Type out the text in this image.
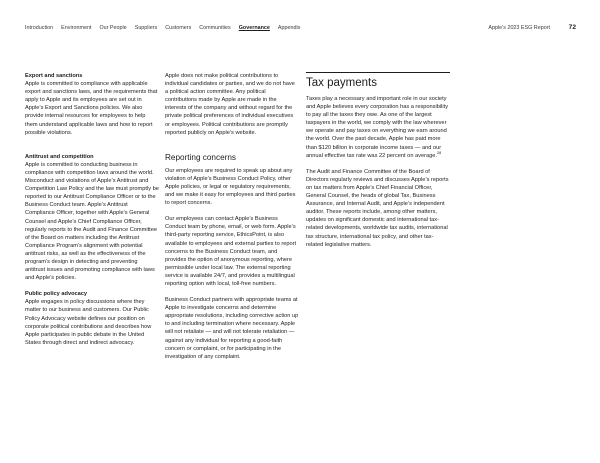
Introduction Environment Our People Suppliers Customers Communities Governance Appendix	Apple’s 2023 ESG Report	72

Export and sanctions

Apple is committed to compliance with applicable export and sanctions laws, and the requirements that apply to Apple and its employees are set out in Apple’s Export and Sanctions policies. We also provide internal resources for employees to help them understand applicable laws and how to report possible violations.

Antitrust and competition

Apple is committed to conducting business in compliance with competition laws around the world. Misconduct and violations of Apple’s Antitrust and Competition Law Policy and the law must promptly be reported to our Antitrust Compliance Officer or to the Business Conduct team. Apple’s Antitrust Compliance Officer, together with Apple’s General Counsel and Apple’s Chief Compliance Officer, regularly reports to the Audit and Finance Committee of the Board on matters including the Antitrust Compliance Program’s alignment with potential antitrust risks, as well as the effectiveness of the program’s design in detecting and preventing antitrust issues and promoting compliance with laws and Apple’s policies.

Public policy advocacy

Apple engages in policy discussions where they matter to our business and customers. Our Public Policy Advocacy website defines our position on corporate political contributions and describes how Apple participates in public debate in the United States through direct and indirect advocacy.

Apple does not make political contributions to individual candidates or parties, and we do not have a political action committee. Any political contributions made by Apple are made in the interests of the company and without regard for the private political preferences of individual executives or employees. Political contributions are promptly reported publicly on Apple’s website.

Reporting concerns

Our employees are required to speak up about any violation of Apple’s Business Conduct Policy, other Apple policies, or legal or regulatory requirements, and we make it easy for employees and third parties to report concerns.

Our employees can contact Apple’s Business Conduct team by phone, email, or web form. Apple’s third-party reporting service, EthicsPoint, is also available to employees and external parties to report concerns to the Business Conduct team, and provides the option of anonymous reporting, where permissible under local law. The external reporting service is available 24/7, and provides a multilingual reporting option with local, toll-free numbers.

Business Conduct partners with appropriate teams at Apple to investigate concerns and determine appropriate resolutions, including corrective action up to and including termination where necessary. Apple will not retaliate — and will not tolerate retaliation — against any individual for reporting a good-faith concern or complaint, or for participating in the investigation of any complaint.

Tax payments

Taxes play a necessary and important role in our society and Apple believes every corporation has a responsibility to pay all the taxes they owe. As one of the largest taxpayers in the world, we comply with the law wherever we operate and pay taxes on everything we earn around the world. Over the past decade, Apple has paid more than $120 billion in corporate income taxes — and our annual effective tax rate was 22 percent on average.$^{28}$

The Audit and Finance Committee of the Board of Directors regularly reviews and discusses Apple’s reports on tax matters from Apple’s Chief Financial Officer, General Counsel, the heads of global Tax, Business Assurance, and Internal Audit, and Apple’s independent auditor. These reports include, among other matters, updates on significant domestic and international tax-related developments, worldwide tax audits, international tax structure, international tax policy, and other tax-related legislative matters.
